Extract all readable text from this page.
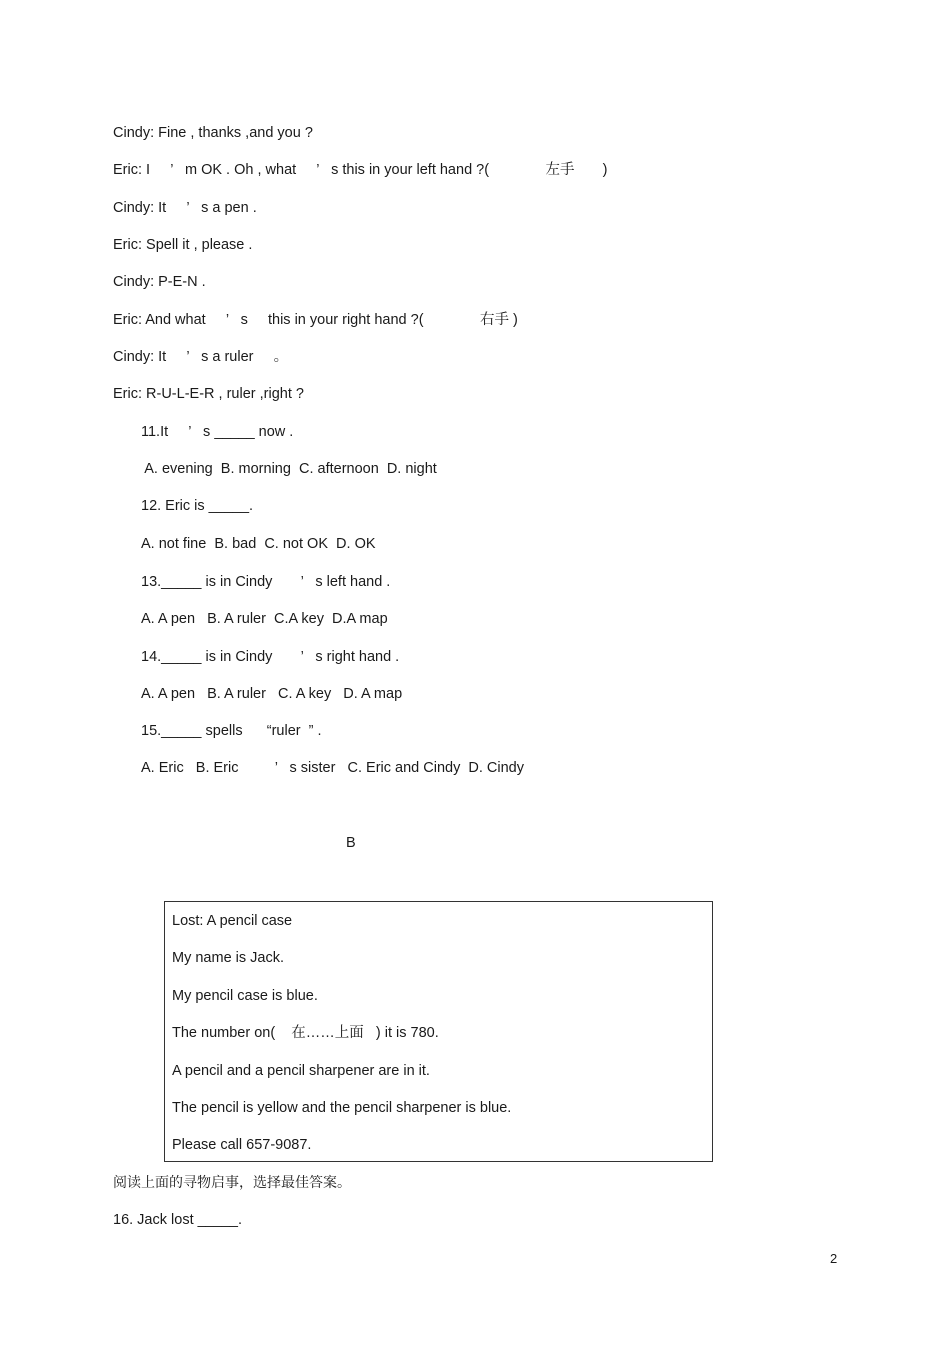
Cindy: Fine , thanks ,and you ?
Eric: I     ’   m OK . Oh , what     ’   s this in your left hand ?(              左手       )
Cindy: It     ’   s a pen .
Eric: Spell it , please .
Cindy: P-E-N .
Eric: And what     ’   s     this in your right hand ?(              右手 )
Cindy: It     ’   s a ruler     。
Eric: R-U-L-E-R , ruler ,right ?
11.It     ’   s _____ now .
A. evening  B. morning  C. afternoon  D. night
12. Eric is _____.
A. not fine  B. bad  C. not OK  D. OK
13._____ is in Cindy       ’   s left hand .
A. A pen   B. A ruler  C.A key  D.A map
14._____ is in Cindy       ’   s right hand .
A. A pen   B. A ruler   C. A key   D. A map
15._____ spells      “ruler  ” .
A. Eric   B. Eric         ’   s sister   C. Eric and Cindy  D. Cindy
B
Lost: A pencil case
My name is Jack.
My pencil case is blue.
The number on(    在……上面   ) it is 780.
A pencil and a pencil sharpener are in it.
The pencil is yellow and the pencil sharpener is blue.
Please call 657-9087.
阅读上面的寻物启事，选择最佳答案。
16. Jack lost _____.
2
